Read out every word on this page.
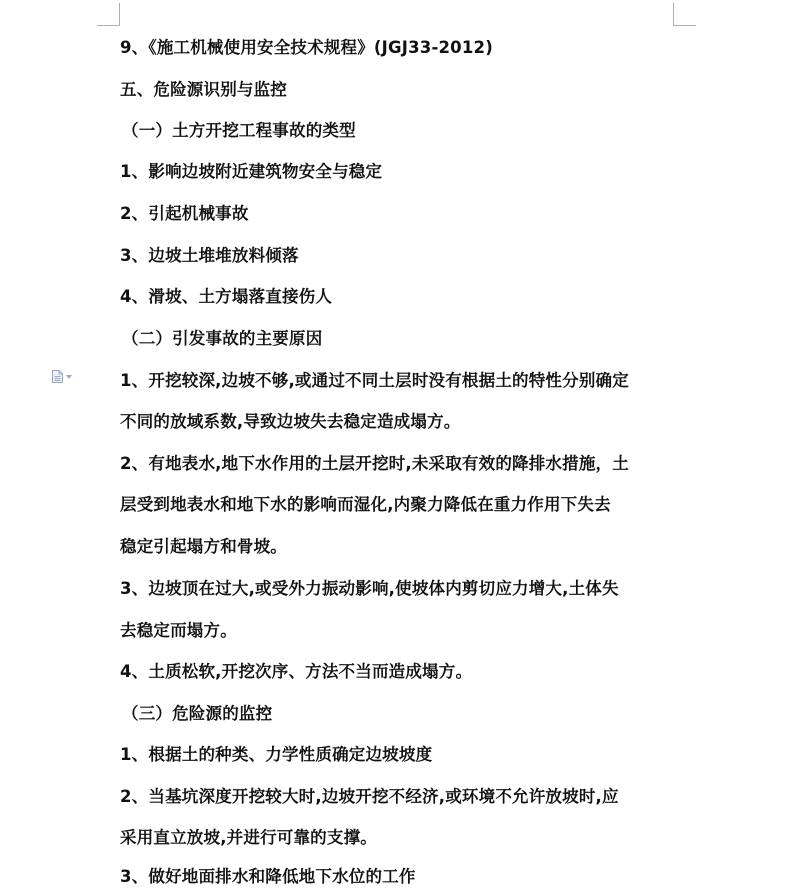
9、《施工机械使用安全技术规程》(JGJ33-2012)
五、危险源识别与监控
（一）土方开挖工程事故的类型
1、影响边坡附近建筑物安全与稳定
2、引起机械事故
3、边坡土堆堆放料倾落
4、滑坡、土方塌落直接伤人
（二）引发事故的主要原因
1、开挖较深,边坡不够,或通过不同土层时没有根据土的特性分别确定
不同的放域系数,导致边坡失去稳定造成塌方。
2、有地表水,地下水作用的土层开挖时,未采取有效的降排水措施，土
层受到地表水和地下水的影响而湿化,内聚力降低在重力作用下失去
稳定引起塌方和骨坡。
3、边坡顶在过大,或受外力振动影响,使坡体内剪切应力增大,土体失
去稳定而塌方。
4、土质松软,开挖次序、方法不当而造成塌方。
（三）危险源的监控
1、根据土的种类、力学性质确定边坡坡度
2、当基坑深度开挖较大时,边坡开挖不经济,或环境不允许放坡时,应
采用直立放坡,并进行可靠的支撑。
3、做好地面排水和降低地下水位的工作
